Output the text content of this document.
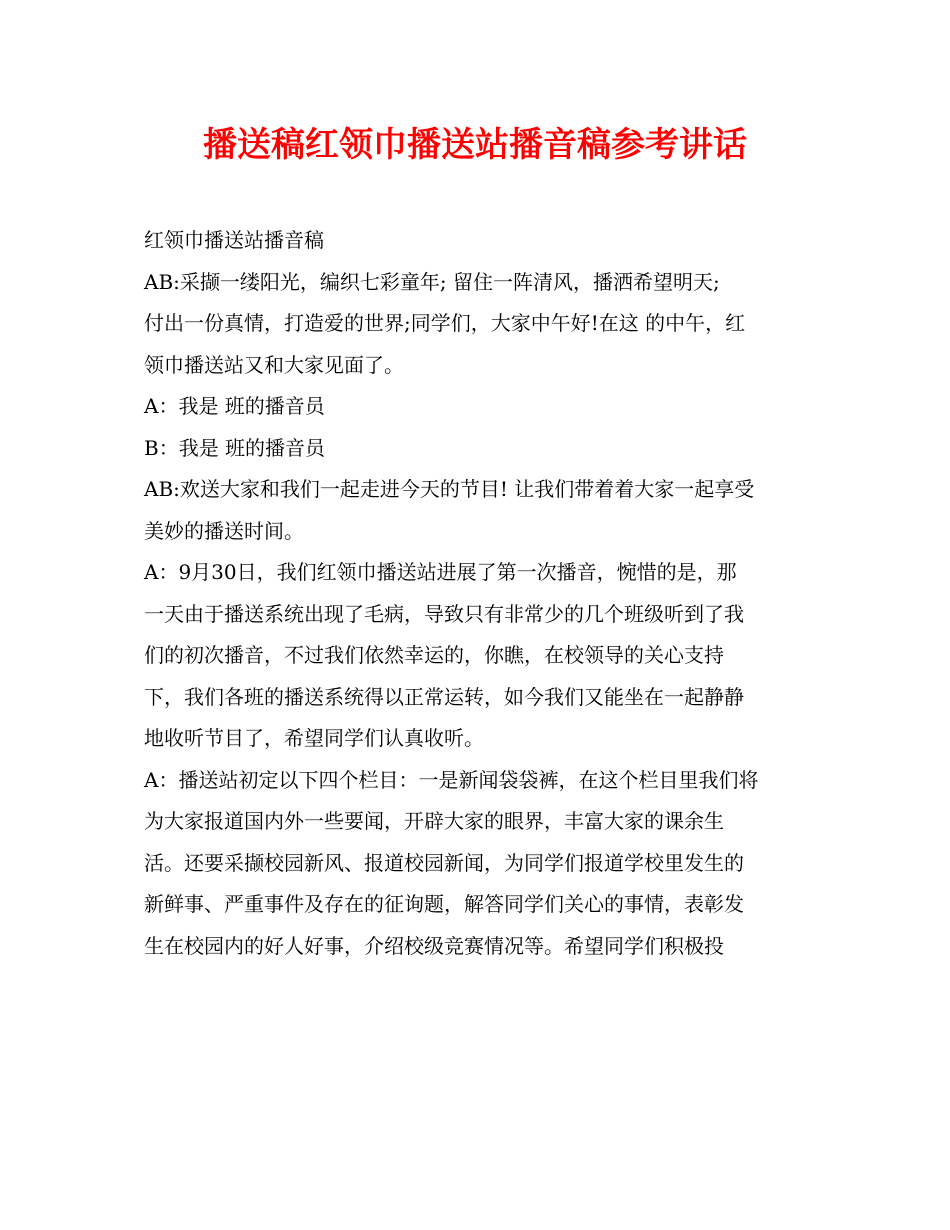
播送稿红领巾播送站播音稿参考讲话
红领巾播送站播音稿
AB:采撷一缕阳光，编织七彩童年; 留住一阵清风，播洒希望明天;
付出一份真情，打造爱的世界;同学们，大家中午好!在这 的中午，红
领巾播送站又和大家见面了。
A：我是 班的播音员
B：我是 班的播音员
AB:欢送大家和我们一起走进今天的节目! 让我们带着着大家一起享受
美妙的播送时间。
A：9月30日，我们红领巾播送站进展了第一次播音，惋惜的是，那
一天由于播送系统出现了毛病，导致只有非常少的几个班级听到了我
们的初次播音，不过我们依然幸运的，你瞧，在校领导的关心支持
下，我们各班的播送系统得以正常运转，如今我们又能坐在一起静静
地收听节目了，希望同学们认真收听。
A：播送站初定以下四个栏目：一是新闻袋袋裤，在这个栏目里我们将
为大家报道国内外一些要闻，开辟大家的眼界，丰富大家的课余生
活。还要采撷校园新风、报道校园新闻，为同学们报道学校里发生的
新鲜事、严重事件及存在的征询题，解答同学们关心的事情，表彰发
生在校园内的好人好事，介绍校级竞赛情况等。希望同学们积极投
